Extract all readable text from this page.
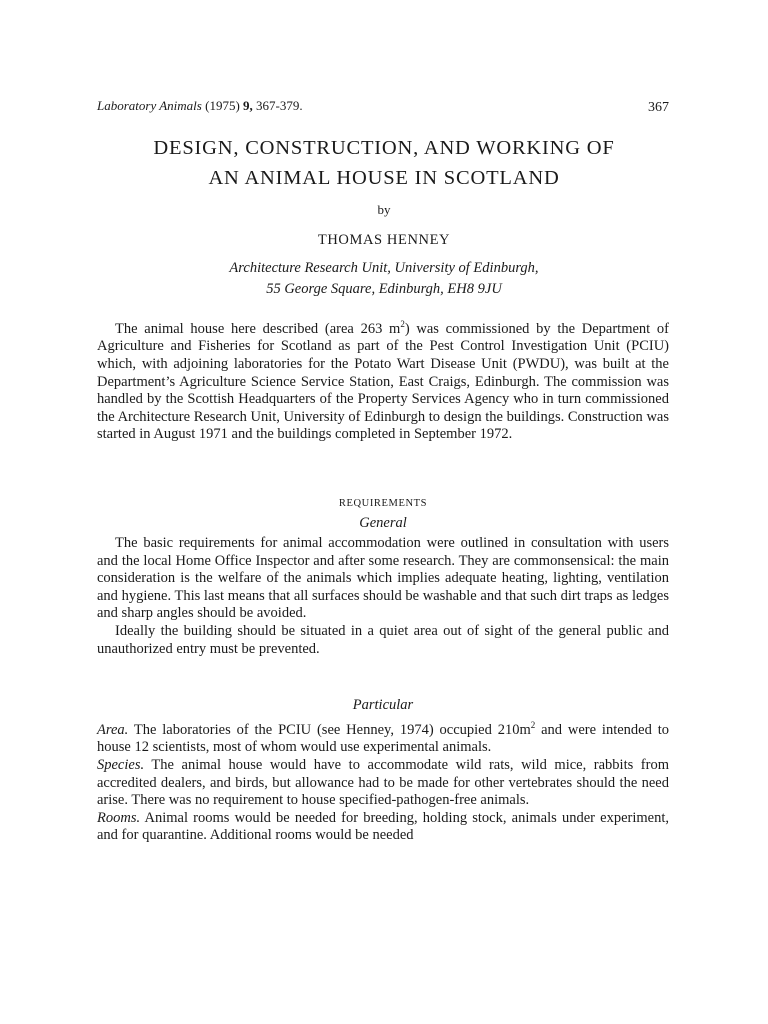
Laboratory Animals (1975) 9, 367-379.	367
DESIGN, CONSTRUCTION, AND WORKING OF
AN ANIMAL HOUSE IN SCOTLAND
by
THOMAS HENNEY
Architecture Research Unit, University of Edinburgh,
55 George Square, Edinburgh, EH8 9JU

The animal house here described (area 263 $m^2$) was commissioned by the Department of Agriculture and Fisheries for Scotland as part of the Pest Control Investigation Unit (PCIU) which, with adjoining laboratories for the Potato Wart Disease Unit (PWDU), was built at the Department’s Agriculture Science Service Station, East Craigs, Edinburgh. The commission was handled by the Scottish Headquarters of the Property Services Agency who in turn commissioned the Architecture Research Unit, University of Edinburgh to design the buildings. Construction was started in August 1971 and the buildings completed in September 1972.

REQUIREMENTS
General

The basic requirements for animal accommodation were outlined in consultation with users and the local Home Office Inspector and after some research. They are commonsensical: the main consideration is the welfare of the animals which implies adequate heating, lighting, ventilation and hygiene. This last means that all surfaces should be washable and that such dirt traps as ledges and sharp angles should be avoided.

Ideally the building should be situated in a quiet area out of sight of the general public and unauthorized entry must be prevented.

Particular

Area. The laboratories of the PCIU (see Henney, 1974) occupied $210m^2$ and were intended to house 12 scientists, most of whom would use experimental animals.

Species. The animal house would have to accommodate wild rats, wild mice, rabbits from accredited dealers, and birds, but allowance had to be made for other vertebrates should the need arise. There was no requirement to house specified-pathogen-free animals.

Rooms. Animal rooms would be needed for breeding, holding stock, animals under experiment, and for quarantine. Additional rooms would be needed
